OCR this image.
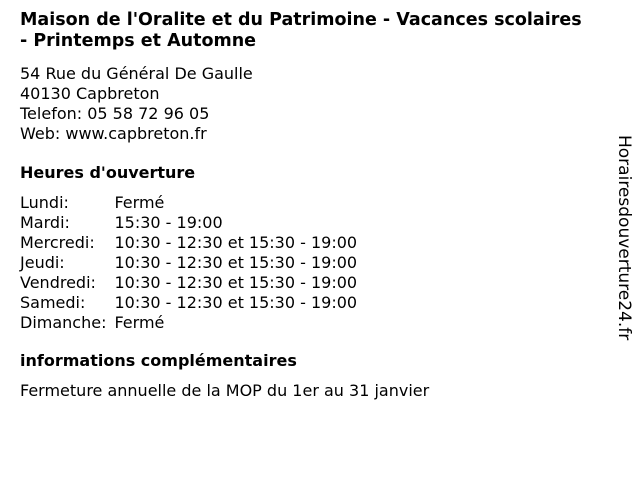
Maison de l'Oralite et du Patrimoine - Vacances scolaires - Printemps et Automne
54 Rue du Général De Gaulle
40130 Capbreton
Telefon: 05 58 72 96 05
Web: www.capbreton.fr
Heures d'ouverture
Lundi:	Fermé
Mardi:	15:30 - 19:00
Mercredi:	10:30 - 12:30 et 15:30 - 19:00
Jeudi:	10:30 - 12:30 et 15:30 - 19:00
Vendredi:	10:30 - 12:30 et 15:30 - 19:00
Samedi:	10:30 - 12:30 et 15:30 - 19:00
Dimanche:	Fermé
informations complémentaires
Fermeture annuelle de la MOP du 1er au 31 janvier
Horairesdouverture24.fr
